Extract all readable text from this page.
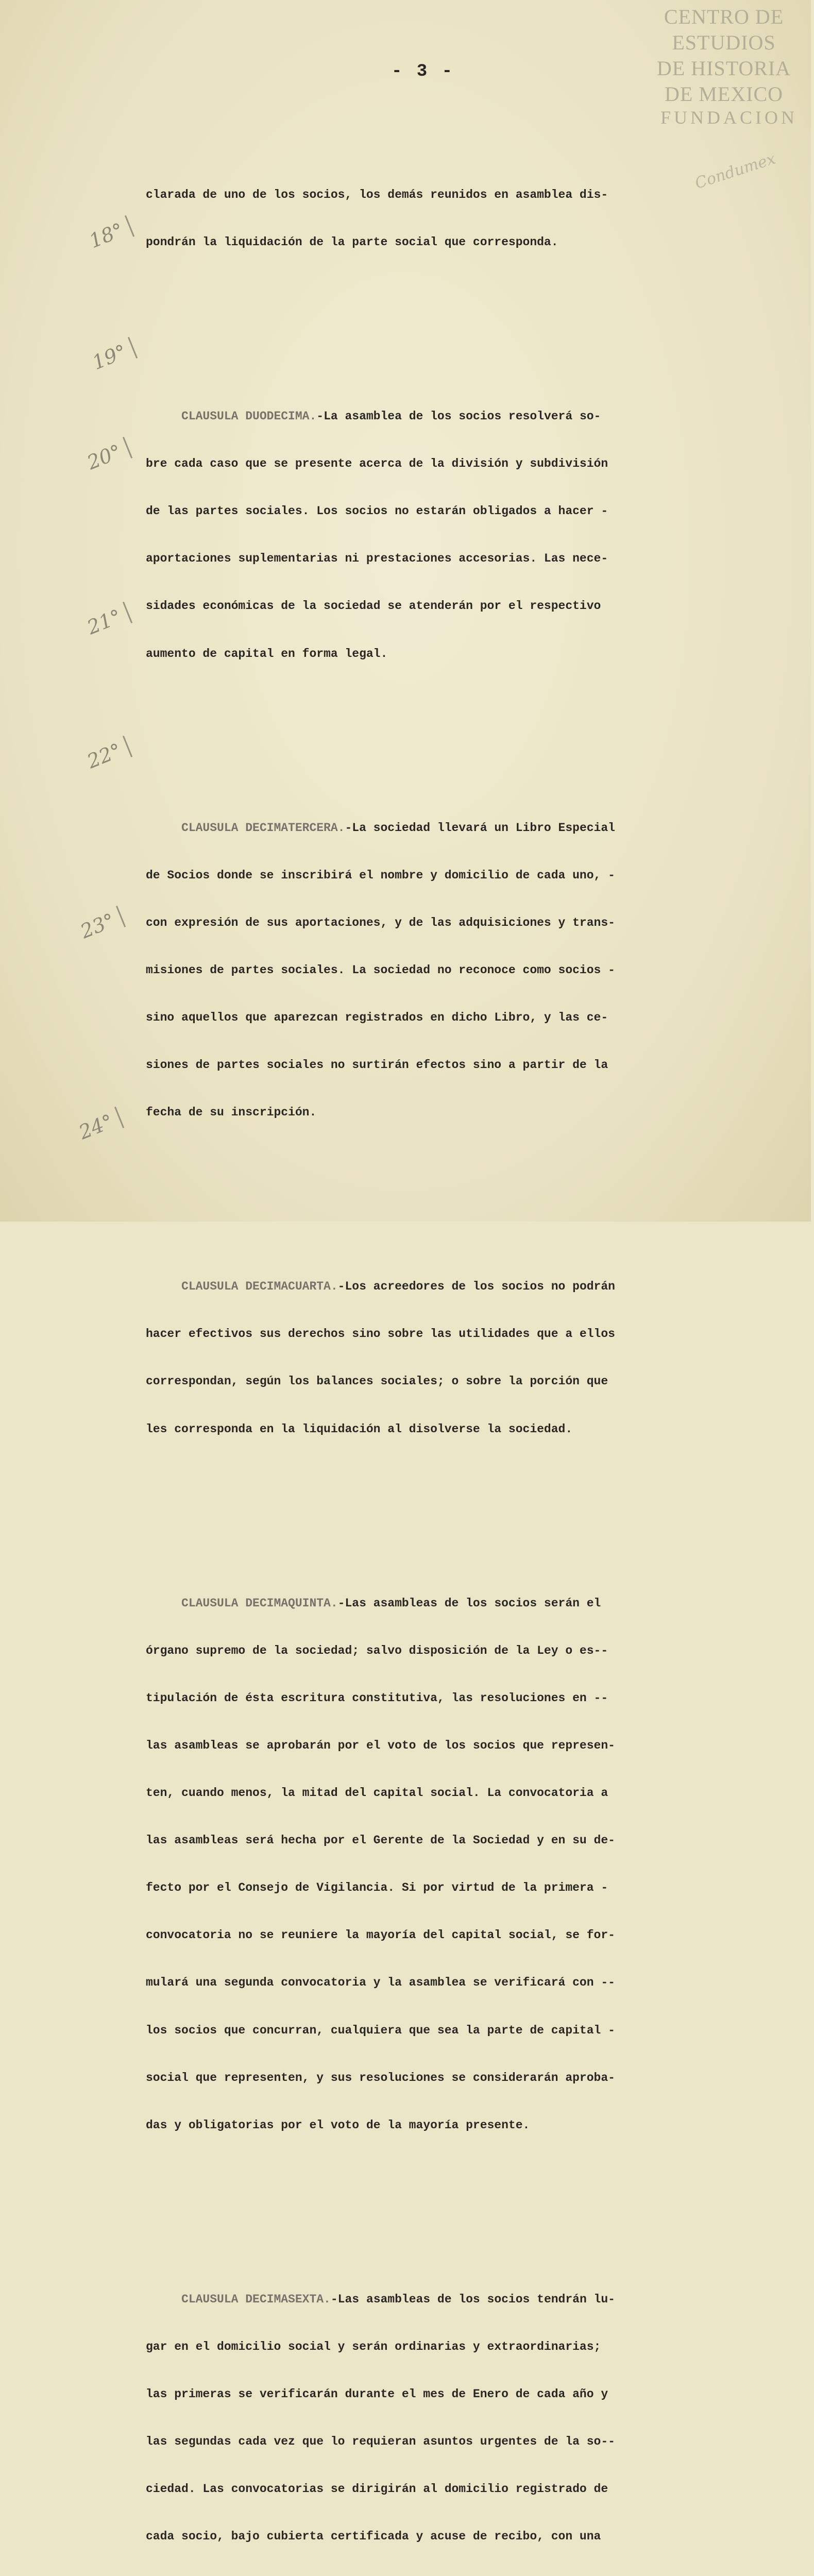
CENTRO DE
ESTUDIOS
DE HISTORIA
DE MEXICO
FUNDACION
Condumex
- 3 -
18°
19°
20°
21°
22°
23°
24°

clarada de uno de los socios, los demás reunidos en asamblea dis-

pondrán la liquidación de la parte social que corresponda.

CLAUSULA DUODECIMA.-La asamblea de los socios resolverá so-

bre cada caso que se presente acerca de la división y subdivisión

de las partes sociales. Los socios no estarán obligados a hacer -

aportaciones suplementarias ni prestaciones accesorias. Las nece-

sidades económicas de la sociedad se atenderán por el respectivo

aumento de capital en forma legal.

CLAUSULA DECIMATERCERA.-La sociedad llevará un Libro Especial

de Socios donde se inscribirá el nombre y domicilio de cada uno, -

con expresión de sus aportaciones, y de las adquisiciones y trans-

misiones de partes sociales. La sociedad no reconoce como socios -

sino aquellos que aparezcan registrados en dicho Libro, y las ce-

siones de partes sociales no surtirán efectos sino a partir de la

fecha de su inscripción.

CLAUSULA DECIMACUARTA.-Los acreedores de los socios no podrán

hacer efectivos sus derechos sino sobre las utilidades que a ellos

correspondan, según los balances sociales; o sobre la porción que

les corresponda en la liquidación al disolverse la sociedad.

CLAUSULA DECIMAQUINTA.-Las asambleas de los socios serán el

órgano supremo de la sociedad; salvo disposición de la Ley o es--

tipulación de ésta escritura constitutiva, las resoluciones en --

las asambleas se aprobarán por el voto de los socios que represen-

ten, cuando menos, la mitad del capital social. La convocatoria a

las asambleas será hecha por el Gerente de la Sociedad y en su de-

fecto por el Consejo de Vigilancia. Si por virtud de la primera -

convocatoria no se reuniere la mayoría del capital social, se for-

mulará una segunda convocatoria y la asamblea se verificará con --

los socios que concurran, cualquiera que sea la parte de capital -

social que representen, y sus resoluciones se considerarán aproba-

das y obligatorias por el voto de la mayoría presente.

CLAUSULA DECIMASEXTA.-Las asambleas de los socios tendrán lu-

gar en el domicilio social y serán ordinarias y extraordinarias;

las primeras se verificarán durante el mes de Enero de cada año y

las segundas cada vez que lo requieran asuntos urgentes de la so--

ciedad. Las convocatorias se dirigirán al domicilio registrado de

cada socio, bajo cubierta certificada y acuse de recibo, con una
